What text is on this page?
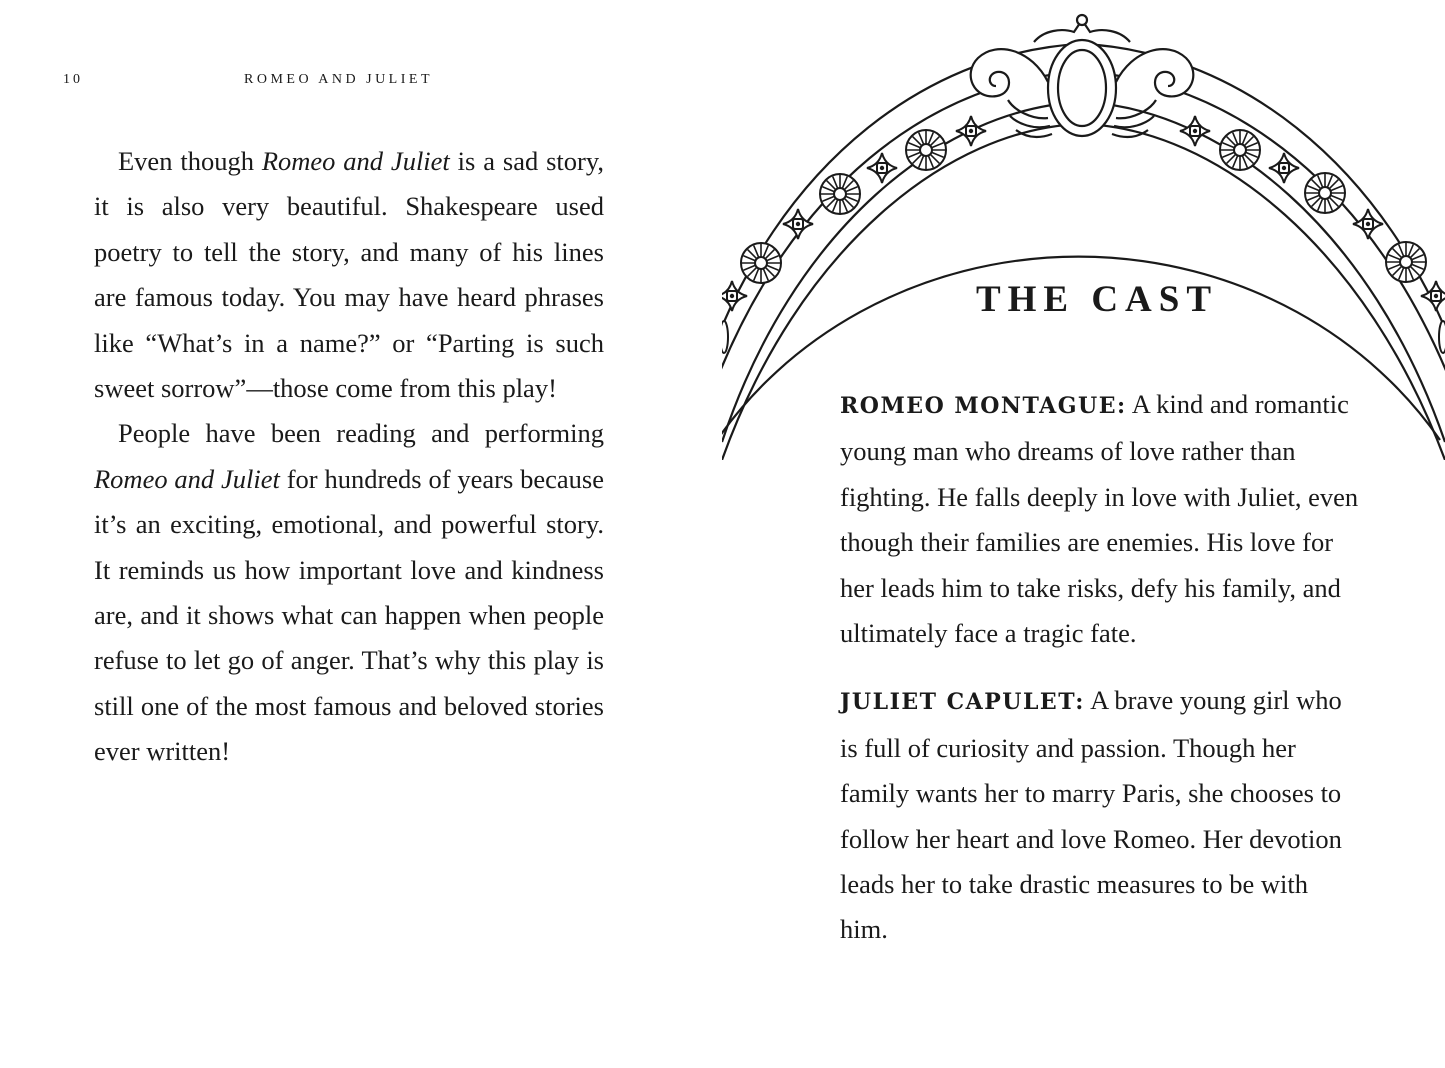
10	ROMEO AND JULIET

Even though Romeo and Juliet is a sad story, it is also very beautiful. Shakespeare used poetry to tell the story, and many of his lines are famous today. You may have heard phrases like “What’s in a name?” or “Parting is such sweet sorrow”—those come from this play!

People have been reading and performing Romeo and Juliet for hundreds of years because it’s an exciting, emotional, and powerful story. It reminds us how important love and kindness are, and it shows what can happen when people refuse to let go of anger. That’s why this play is still one of the most famous and beloved stories ever written!

THE CAST

ROMEO MONTAGUE: A kind and romantic young man who dreams of love rather than fighting. He falls deeply in love with Juliet, even though their families are enemies. His love for her leads him to take risks, defy his family, and ultimately face a tragic fate.

JULIET CAPULET: A brave young girl who is full of curiosity and passion. Though her family wants her to marry Paris, she chooses to follow her heart and love Romeo. Her devotion leads her to take drastic measures to be with him.
